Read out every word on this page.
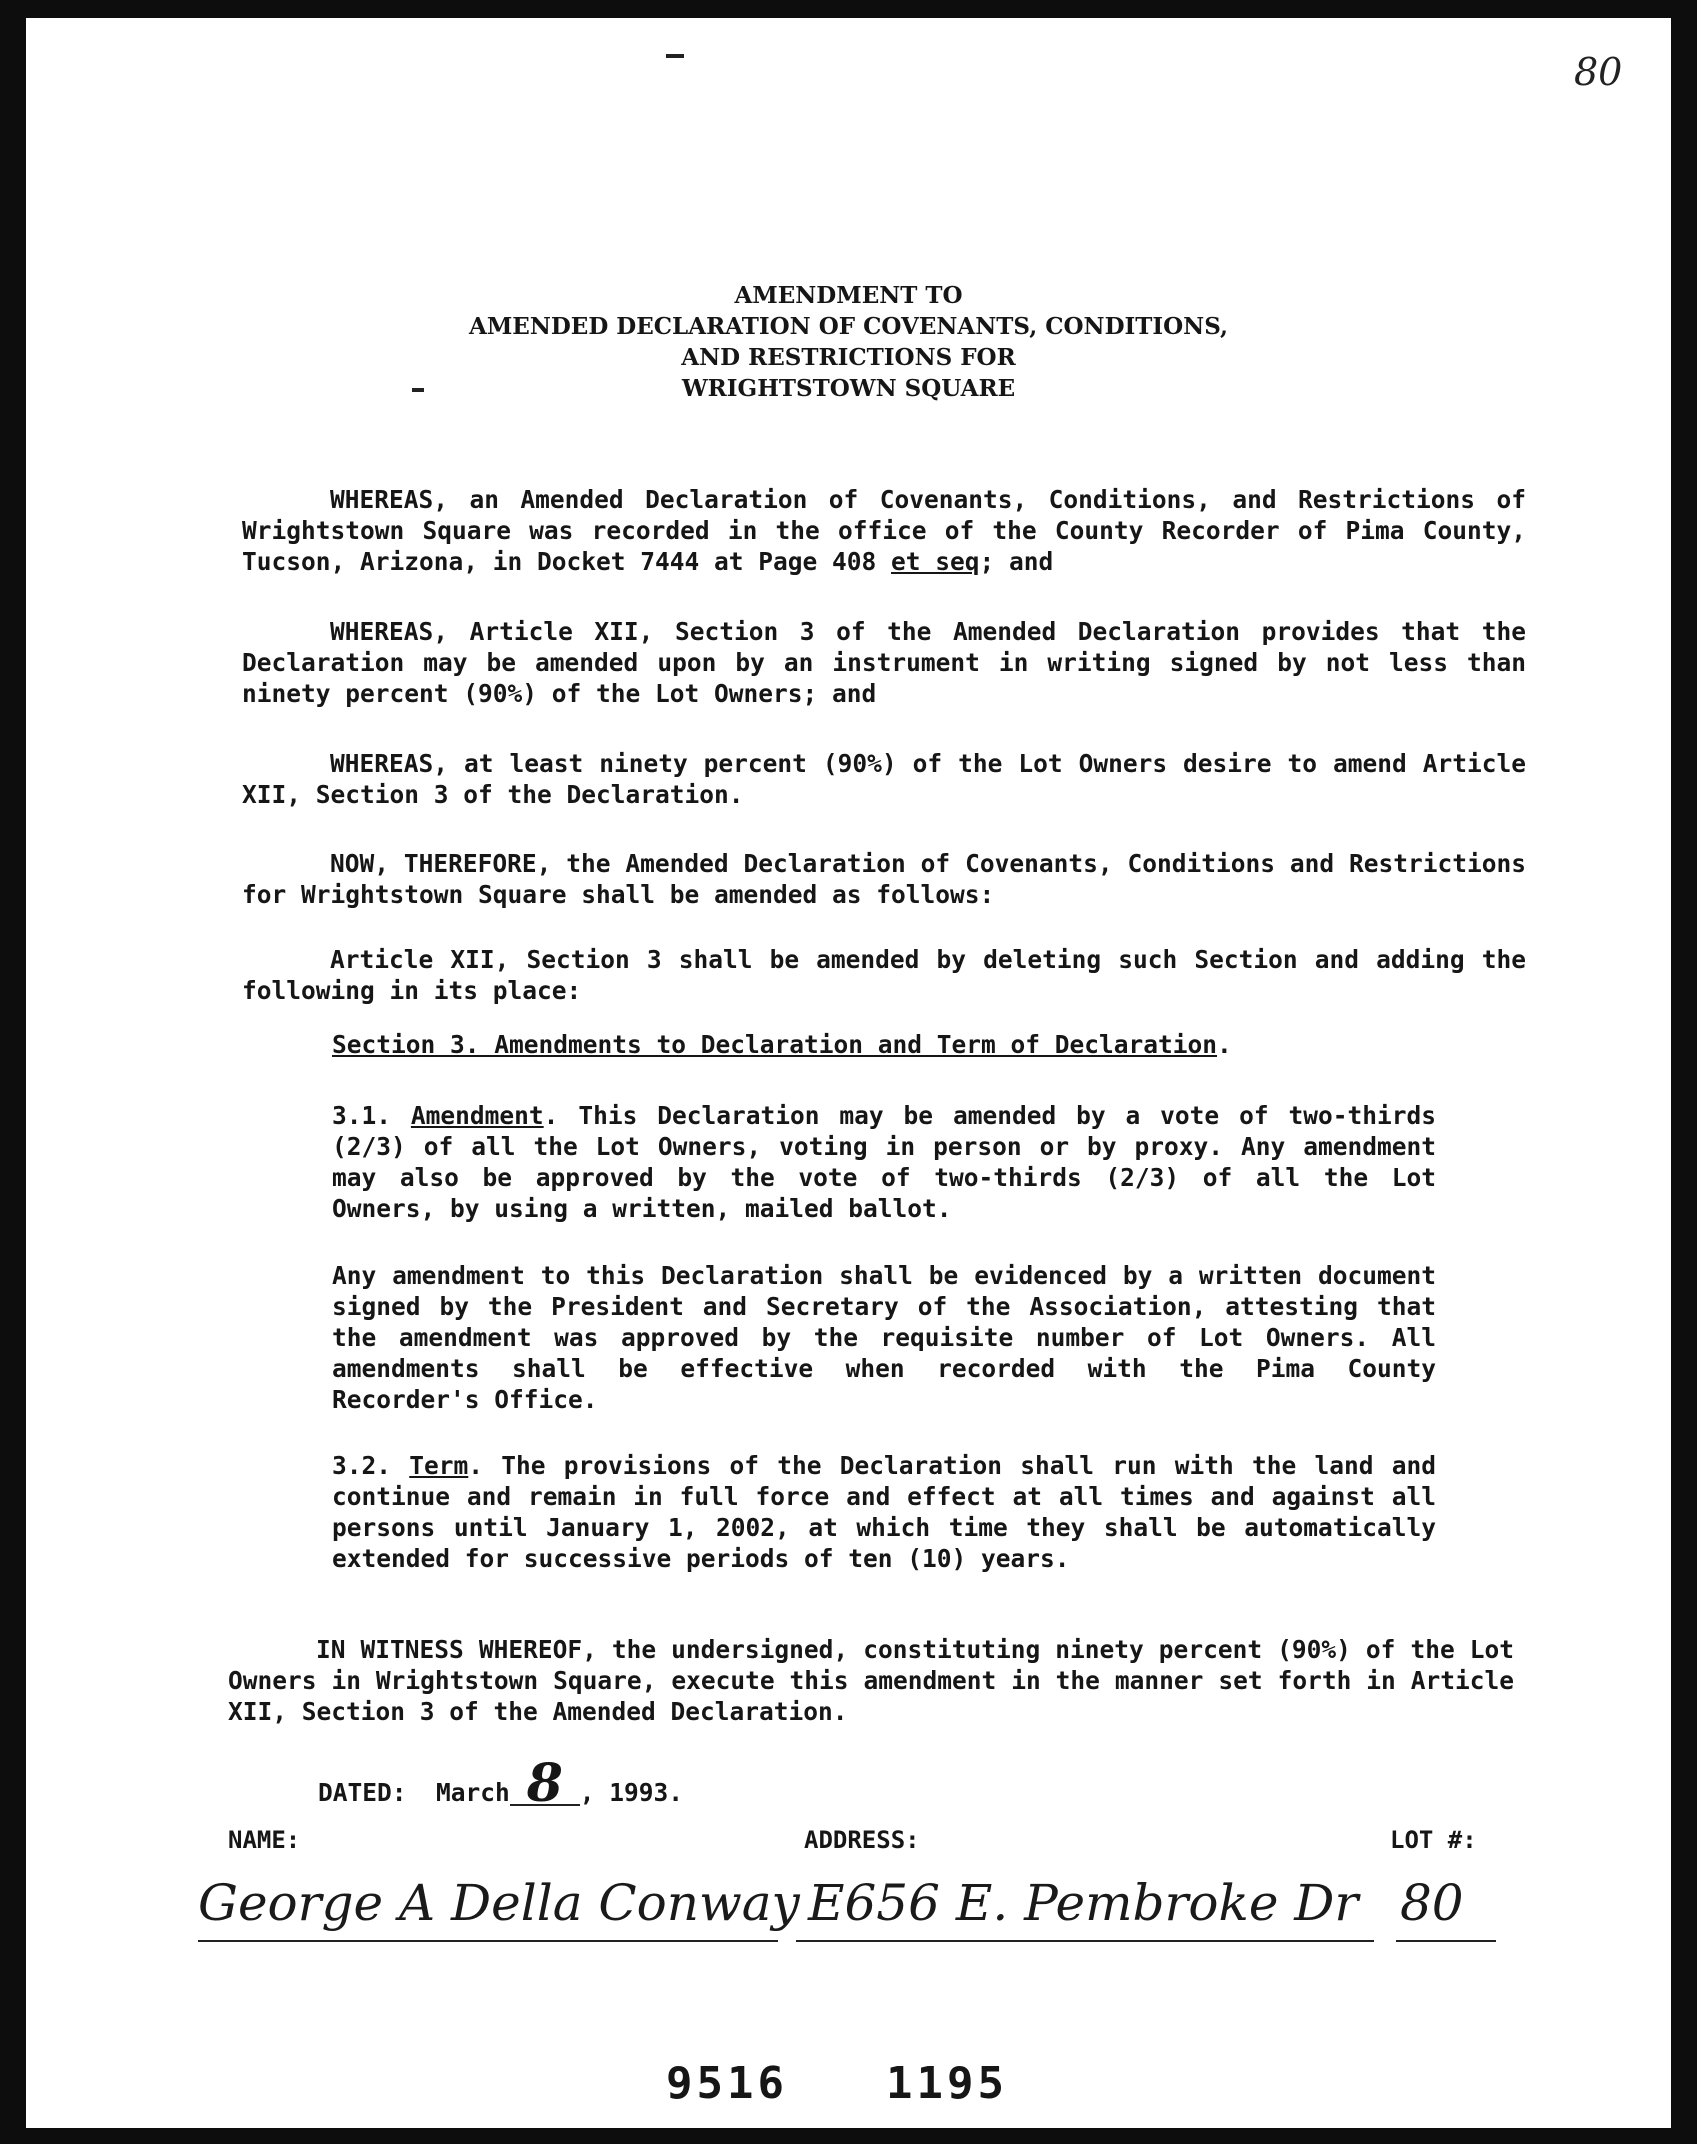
80
AMENDMENT TO
AMENDED DECLARATION OF COVENANTS, CONDITIONS,
AND RESTRICTIONS FOR
WRIGHTSTOWN SQUARE
WHEREAS, an Amended Declaration of Covenants, Conditions, and Restrictions of Wrightstown Square was recorded in the office of the County Recorder of Pima County, Tucson, Arizona, in Docket 7444 at Page 408 et seq; and
WHEREAS, Article XII, Section 3 of the Amended Declaration provides that the Declaration may be amended upon by an instrument in writing signed by not less than ninety percent (90%) of the Lot Owners; and
WHEREAS, at least ninety percent (90%) of the Lot Owners desire to amend Article XII, Section 3 of the Declaration.
NOW, THEREFORE, the Amended Declaration of Covenants, Conditions and Restrictions for Wrightstown Square shall be amended as follows:
Article XII, Section 3 shall be amended by deleting such Section and adding the following in its place:
Section 3. Amendments to Declaration and Term of Declaration.
3.1. Amendment. This Declaration may be amended by a vote of two-thirds (2/3) of all the Lot Owners, voting in person or by proxy. Any amendment may also be approved by the vote of two-thirds (2/3) of all the Lot Owners, by using a written, mailed ballot.
Any amendment to this Declaration shall be evidenced by a written document signed by the President and Secretary of the Association, attesting that the amendment was approved by the requisite number of Lot Owners. All amendments shall be effective when recorded with the Pima County Recorder's Office.
3.2. Term. The provisions of the Declaration shall run with the land and continue and remain in full force and effect at all times and against all persons until January 1, 2002, at which time they shall be automatically extended for successive periods of ten (10) years.
IN WITNESS WHEREOF, the undersigned, constituting ninety percent (90%) of the Lot Owners in Wrightstown Square, execute this amendment in the manner set forth in Article XII, Section 3 of the Amended Declaration.
DATED: March 8 , 1993.
NAME:	ADDRESS:	LOT #:
George A Della Conway E656 E. Pembroke Dr 80
9516 1195
